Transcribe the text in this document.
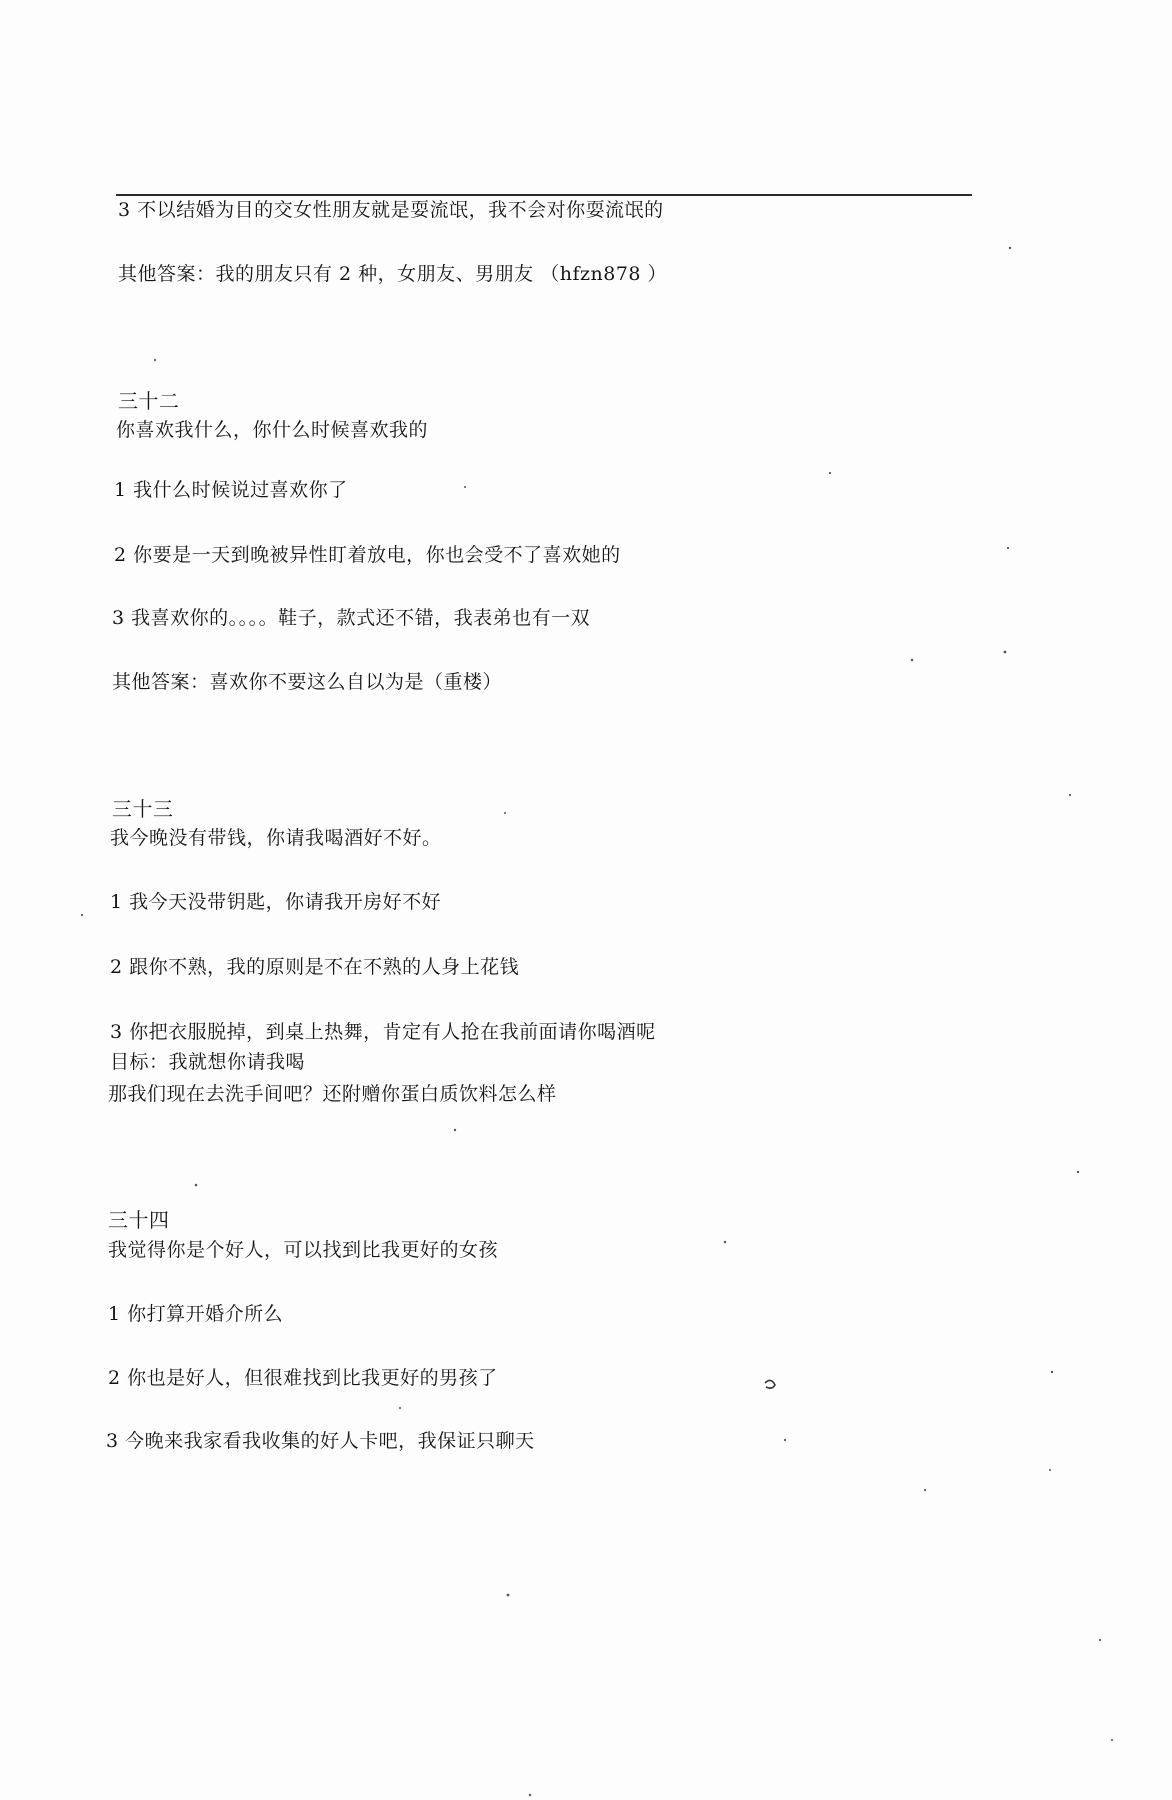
3 不以结婚为目的交女性朋友就是耍流氓，我不会对你耍流氓的
其他答案：我的朋友只有 2 种，女朋友、男朋友 （hfzn878 ）
三十二
你喜欢我什么，你什么时候喜欢我的
1 我什么时候说过喜欢你了
2 你要是一天到晚被异性盯着放电，你也会受不了喜欢她的
3 我喜欢你的。。。。鞋子，款式还不错，我表弟也有一双
其他答案：喜欢你不要这么自以为是（重楼）
三十三
我今晚没有带钱，你请我喝酒好不好。
1 我今天没带钥匙，你请我开房好不好
2 跟你不熟，我的原则是不在不熟的人身上花钱
3 你把衣服脱掉，到桌上热舞，肯定有人抢在我前面请你喝酒呢
目标：我就想你请我喝
那我们现在去洗手间吧？还附赠你蛋白质饮料怎么样
三十四
我觉得你是个好人，可以找到比我更好的女孩
1 你打算开婚介所么
2 你也是好人，但很难找到比我更好的男孩了
3 今晚来我家看我收集的好人卡吧，我保证只聊天
